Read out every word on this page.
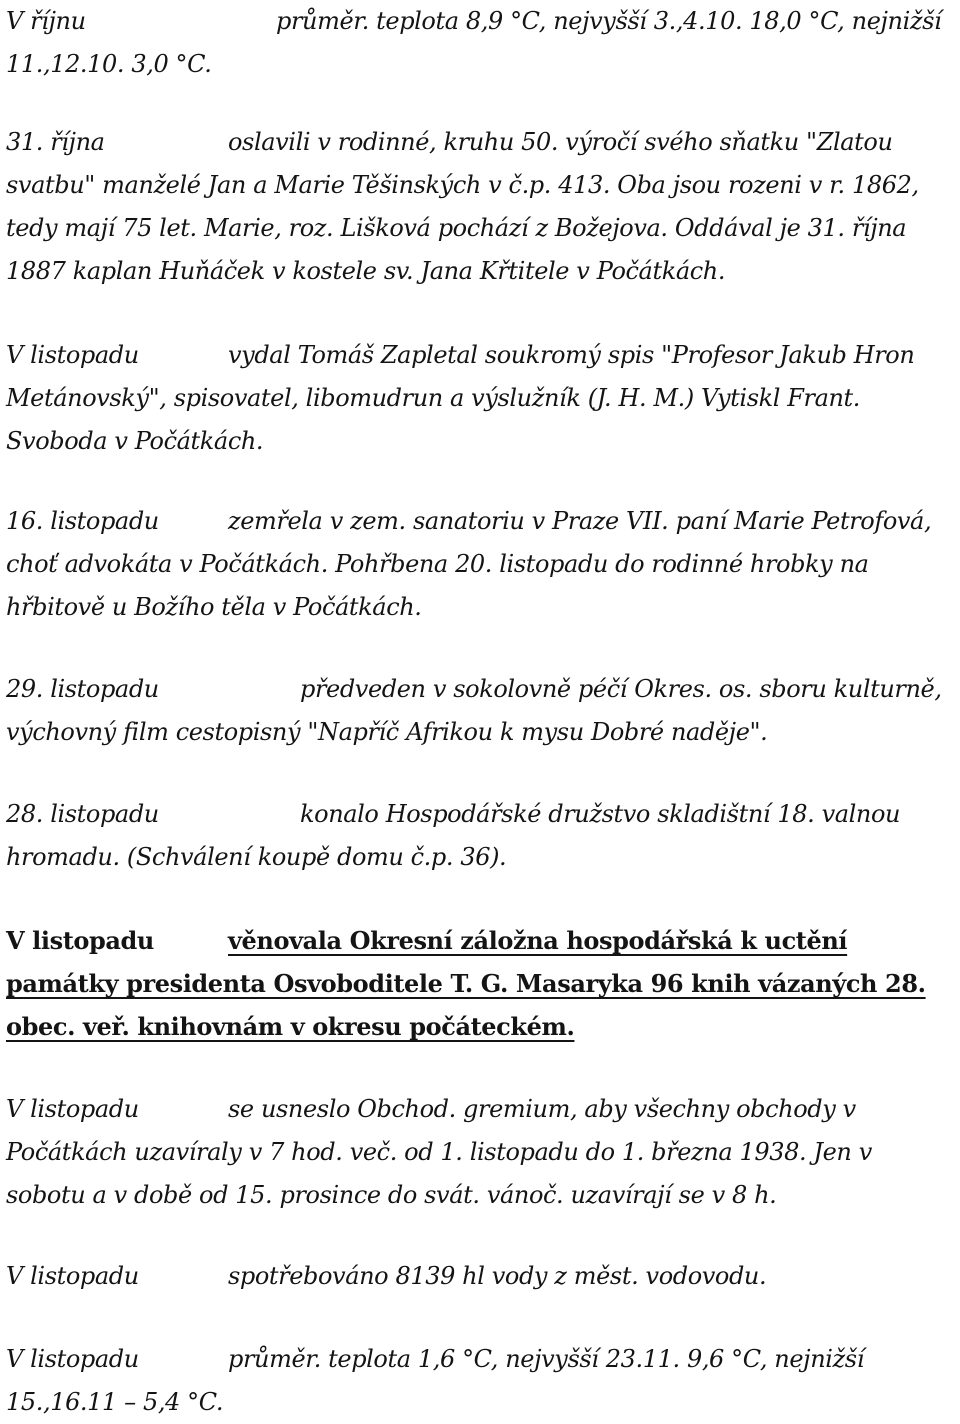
V říjnu	průměr. teplota 8,9 °C, nejvyšší 3.,4.10. 18,0 °C, nejnižší 11.,12.10. 3,0 °C.
31. října	oslavili v rodinné, kruhu 50. výročí svého sňatku "Zlatou svatbu" manželé Jan a Marie Těšinských v č.p. 413. Oba jsou rozeni v r. 1862, tedy mají 75 let. Marie, roz. Lišková pochází z Božejova. Oddával je 31. října 1887 kaplan Huňáček v kostele sv. Jana Křtitele v Počátkách.
V listopadu	vydal Tomáš Zapletal soukromý spis "Profesor Jakub Hron Metánovský", spisovatel, libomudrun a výslužník (J. H. M.) Vytiskl Frant. Svoboda v Počátkách.
16. listopadu	zemřela v zem. sanatoriu v Praze VII. paní Marie Petrofová, choť advokáta v Počátkách. Pohřbena 20. listopadu do rodinné hrobky na hřbitově u Božího těla v Počátkách.
29. listopadu	předveden v sokolovně péčí Okres. os. sboru kulturně, výchovný film cestopisný "Napříč Afrikou k mysu Dobré naděje".
28. listopadu	konalo Hospodářské družstvo skladištní 18. valnou hromadu. (Schválení koupě domu č.p. 36).
V listopadu	věnovala Okresní záložna hospodářská k uctění památky presidenta Osvoboditele T. G. Masaryka 96 knih vázaných 28. obec. veř. knihovnám v okresu počáteckém.
V listopadu	se usneslo Obchod. gremium, aby všechny obchody v Počátkách uzavíraly v 7 hod. več. od 1. listopadu do 1. března 1938. Jen v sobotu a v době od 15. prosince do svát. vánoč. uzavírají se v 8 h.
V listopadu	spotřebováno 8139 hl vody z měst. vodovodu.
V listopadu	průměr. teplota 1,6 °C, nejvyšší 23.11. 9,6 °C, nejnižší 15.,16.11 – 5,4 °C.
